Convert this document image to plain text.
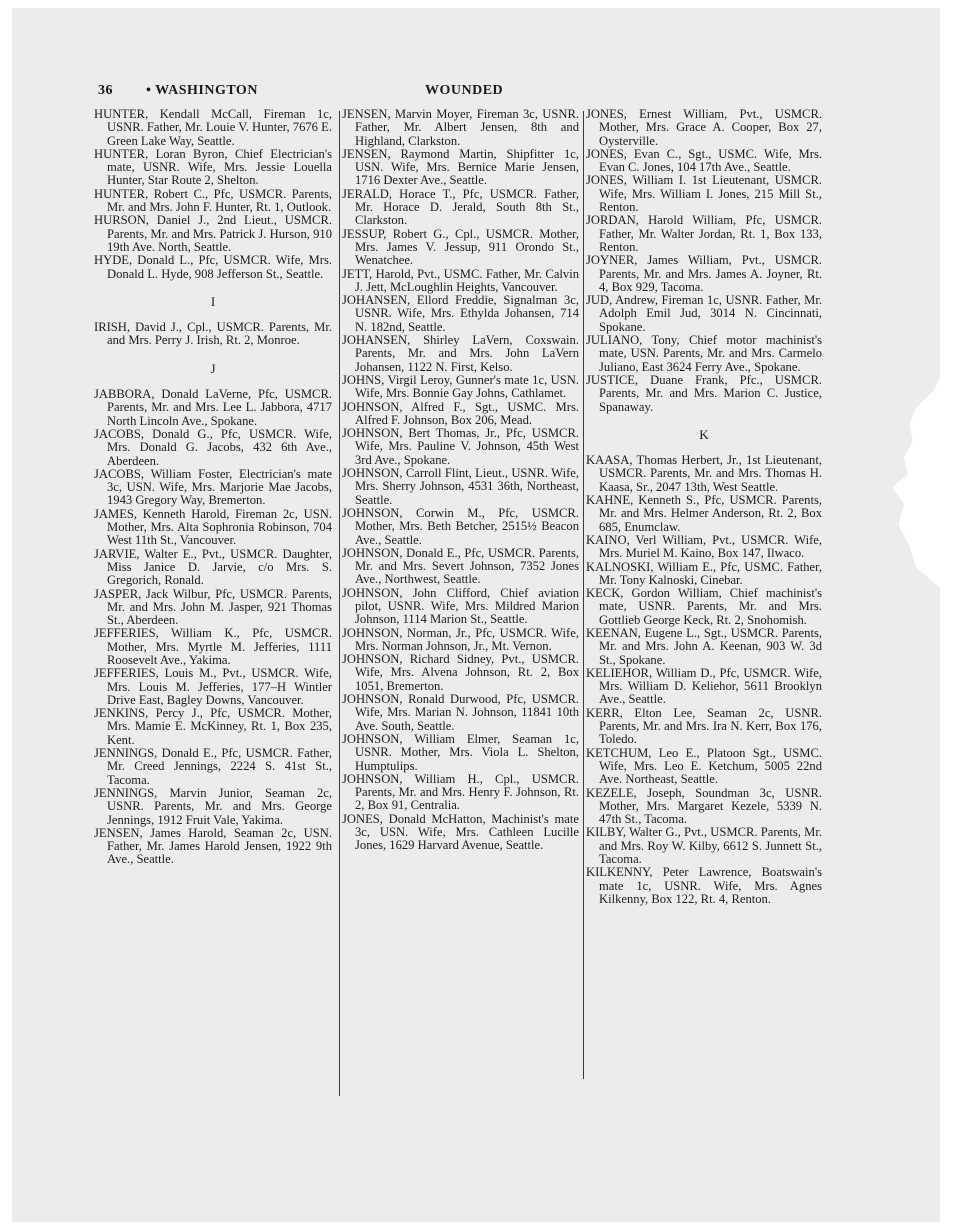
36 • WASHINGTON	WOUNDED

HUNTER, Kendall McCall, Fireman 1c, USNR. Father, Mr. Louie V. Hunter, 7676 E. Green Lake Way, Seattle.

HUNTER, Loran Byron, Chief Electrician's mate, USNR. Wife, Mrs. Jessie Louella Hunter, Star Route 2, Shelton.

HUNTER, Robert C., Pfc, USMCR. Parents, Mr. and Mrs. John F. Hunter, Rt. 1, Outlook.

HURSON, Daniel J., 2nd Lieut., USMCR. Parents, Mr. and Mrs. Patrick J. Hurson, 910 19th Ave. North, Seattle.

HYDE, Donald L., Pfc, USMCR. Wife, Mrs. Donald L. Hyde, 908 Jefferson St., Seattle.

I

IRISH, David J., Cpl., USMCR. Parents, Mr. and Mrs. Perry J. Irish, Rt. 2, Monroe.

J

JABBORA, Donald LaVerne, Pfc, USMCR. Parents, Mr. and Mrs. Lee L. Jabbora, 4717 North Lincoln Ave., Spokane.

JACOBS, Donald G., Pfc, USMCR. Wife, Mrs. Donald G. Jacobs, 432 6th Ave., Aberdeen.

JACOBS, William Foster, Electrician's mate 3c, USN. Wife, Mrs. Marjorie Mae Jacobs, 1943 Gregory Way, Bremerton.

JAMES, Kenneth Harold, Fireman 2c, USN. Mother, Mrs. Alta Sophronia Robinson, 704 West 11th St., Vancouver.

JARVIE, Walter E., Pvt., USMCR. Daughter, Miss Janice D. Jarvie, c/o Mrs. S. Gregorich, Ronald.

JASPER, Jack Wilbur, Pfc, USMCR. Parents, Mr. and Mrs. John M. Jasper, 921 Thomas St., Aberdeen.

JEFFERIES, William K., Pfc, USMCR. Mother, Mrs. Myrtle M. Jefferies, 1111 Roosevelt Ave., Yakima.

JEFFERIES, Louis M., Pvt., USMCR. Wife, Mrs. Louis M. Jefferies, 177–H Wintler Drive East, Bagley Downs, Vancouver.

JENKINS, Percy J., Pfc, USMCR. Mother, Mrs. Mamie E. McKinney, Rt. 1, Box 235, Kent.

JENNINGS, Donald E., Pfc, USMCR. Father, Mr. Creed Jennings, 2224 S. 41st St., Tacoma.

JENNINGS, Marvin Junior, Seaman 2c, USNR. Parents, Mr. and Mrs. George Jennings, 1912 Fruit Vale, Yakima.

JENSEN, James Harold, Seaman 2c, USN. Father, Mr. James Harold Jensen, 1922 9th Ave., Seattle.

JENSEN, Marvin Moyer, Fireman 3c, USNR. Father, Mr. Albert Jensen, 8th and Highland, Clarkston.

JENSEN, Raymond Martin, Shipfitter 1c, USN. Wife, Mrs. Bernice Marie Jensen, 1716 Dexter Ave., Seattle.

JERALD, Horace T., Pfc, USMCR. Father, Mr. Horace D. Jerald, South 8th St., Clarkston.

JESSUP, Robert G., Cpl., USMCR. Mother, Mrs. James V. Jessup, 911 Orondo St., Wenatchee.

JETT, Harold, Pvt., USMC. Father, Mr. Calvin J. Jett, McLoughlin Heights, Vancouver.

JOHANSEN, Ellord Freddie, Signalman 3c, USNR. Wife, Mrs. Ethylda Johansen, 714 N. 182nd, Seattle.

JOHANSEN, Shirley LaVern, Coxswain. Parents, Mr. and Mrs. John LaVern Johansen, 1122 N. First, Kelso.

JOHNS, Virgil Leroy, Gunner's mate 1c, USN. Wife, Mrs. Bonnie Gay Johns, Cathlamet.

JOHNSON, Alfred F., Sgt., USMC. Mrs. Alfred F. Johnson, Box 206, Mead.

JOHNSON, Bert Thomas, Jr., Pfc, USMCR. Wife, Mrs. Pauline V. Johnson, 45th West 3rd Ave., Spokane.

JOHNSON, Carroll Flint, Lieut., USNR. Wife, Mrs. Sherry Johnson, 4531 36th, Northeast, Seattle.

JOHNSON, Corwin M., Pfc, USMCR. Mother, Mrs. Beth Betcher, 2515½ Beacon Ave., Seattle.

JOHNSON, Donald E., Pfc, USMCR. Parents, Mr. and Mrs. Severt Johnson, 7352 Jones Ave., Northwest, Seattle.

JOHNSON, John Clifford, Chief aviation pilot, USNR. Wife, Mrs. Mildred Marion Johnson, 1114 Marion St., Seattle.

JOHNSON, Norman, Jr., Pfc, USMCR. Wife, Mrs. Norman Johnson, Jr., Mt. Vernon.

JOHNSON, Richard Sidney, Pvt., USMCR. Wife, Mrs. Alvena Johnson, Rt. 2, Box 1051, Bremerton.

JOHNSON, Ronald Durwood, Pfc, USMCR. Wife, Mrs. Marian N. Johnson, 11841 10th Ave. South, Seattle.

JOHNSON, William Elmer, Seaman 1c, USNR. Mother, Mrs. Viola L. Shelton, Humptulips.

JOHNSON, William H., Cpl., USMCR. Parents, Mr. and Mrs. Henry F. Johnson, Rt. 2, Box 91, Centralia.

JONES, Donald McHatton, Machinist's mate 3c, USN. Wife, Mrs. Cathleen Lucille Jones, 1629 Harvard Avenue, Seattle.

JONES, Ernest William, Pvt., USMCR. Mother, Mrs. Grace A. Cooper, Box 27, Oysterville.

JONES, Evan C., Sgt., USMC. Wife, Mrs. Evan C. Jones, 104 17th Ave., Seattle.

JONES, William I. 1st Lieutenant, USMCR. Wife, Mrs. William I. Jones, 215 Mill St., Renton.

JORDAN, Harold William, Pfc, USMCR. Father, Mr. Walter Jordan, Rt. 1, Box 133, Renton.

JOYNER, James William, Pvt., USMCR. Parents, Mr. and Mrs. James A. Joyner, Rt. 4, Box 929, Tacoma.

JUD, Andrew, Fireman 1c, USNR. Father, Mr. Adolph Emil Jud, 3014 N. Cincinnati, Spokane.

JULIANO, Tony, Chief motor machinist's mate, USN. Parents, Mr. and Mrs. Carmelo Juliano, East 3624 Ferry Ave., Spokane.

JUSTICE, Duane Frank, Pfc., USMCR. Parents, Mr. and Mrs. Marion C. Justice, Spanaway.

K

KAASA, Thomas Herbert, Jr., 1st Lieutenant, USMCR. Parents, Mr. and Mrs. Thomas H. Kaasa, Sr., 2047 13th, West Seattle.

KAHNE, Kenneth S., Pfc, USMCR. Parents, Mr. and Mrs. Helmer Anderson, Rt. 2, Box 685, Enumclaw.

KAINO, Verl William, Pvt., USMCR. Wife, Mrs. Muriel M. Kaino, Box 147, Ilwaco.

KALNOSKI, William E., Pfc, USMC. Father, Mr. Tony Kalnoski, Cinebar.

KECK, Gordon William, Chief machinist's mate, USNR. Parents, Mr. and Mrs. Gottlieb George Keck, Rt. 2, Snohomish.

KEENAN, Eugene L., Sgt., USMCR. Parents, Mr. and Mrs. John A. Keenan, 903 W. 3d St., Spokane.

KELIEHOR, William D., Pfc, USMCR. Wife, Mrs. William D. Keliehor, 5611 Brooklyn Ave., Seattle.

KERR, Elton Lee, Seaman 2c, USNR. Parents, Mr. and Mrs. Ira N. Kerr, Box 176, Toledo.

KETCHUM, Leo E., Platoon Sgt., USMC. Wife, Mrs. Leo E. Ketchum, 5005 22nd Ave. Northeast, Seattle.

KEZELE, Joseph, Soundman 3c, USNR. Mother, Mrs. Margaret Kezele, 5339 N. 47th St., Tacoma.

KILBY, Walter G., Pvt., USMCR. Parents, Mr. and Mrs. Roy W. Kilby, 6612 S. Junnett St., Tacoma.

KILKENNY, Peter Lawrence, Boatswain's mate 1c, USNR. Wife, Mrs. Agnes Kilkenny, Box 122, Rt. 4, Renton.
